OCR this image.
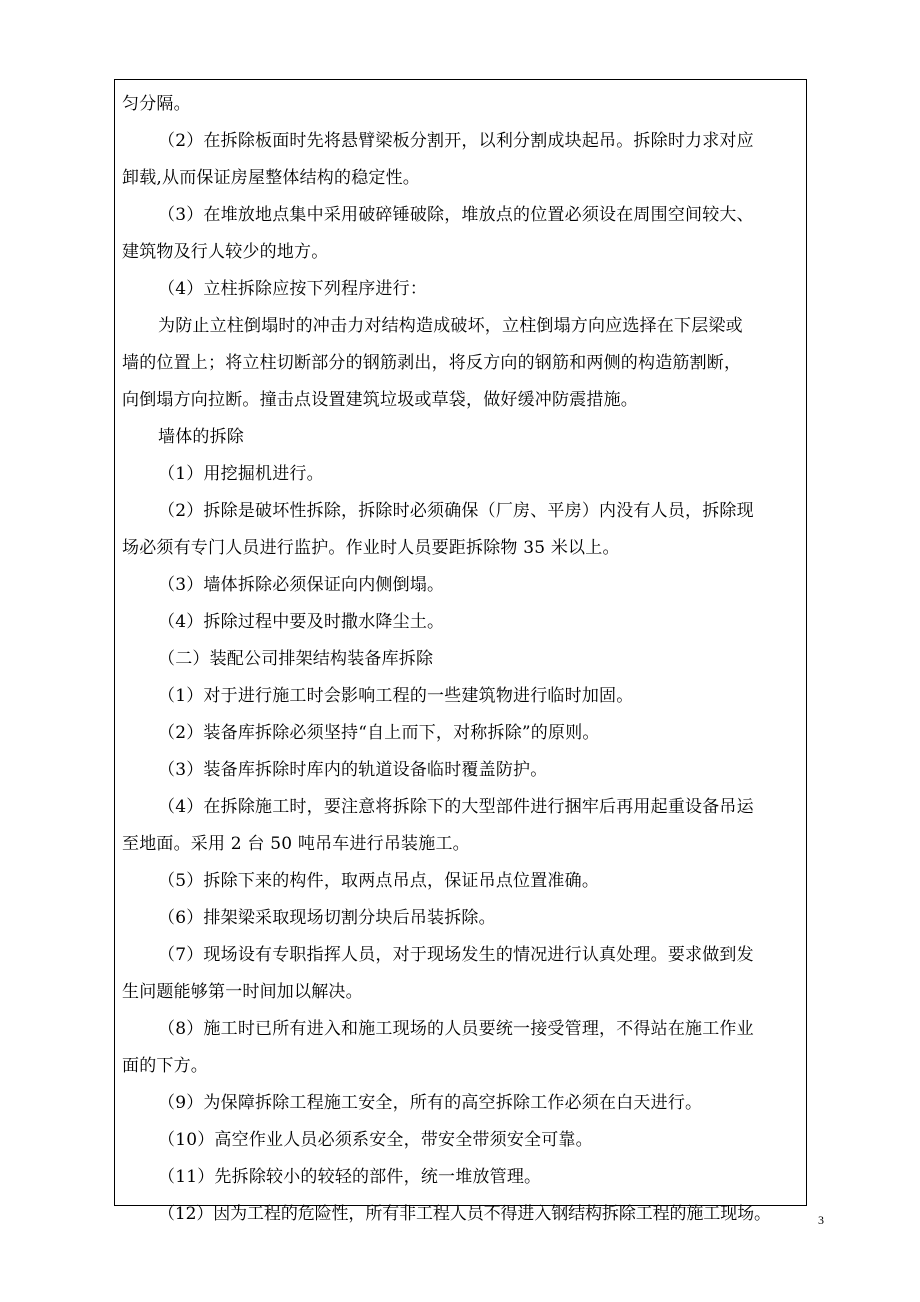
匀分隔。
（2）在拆除板面时先将悬臂梁板分割开，以利分割成块起吊。拆除时力求对应
卸载,从而保证房屋整体结构的稳定性。
（3）在堆放地点集中采用破碎锤破除，堆放点的位置必须设在周围空间较大、
建筑物及行人较少的地方。
（4）立柱拆除应按下列程序进行：
为防止立柱倒塌时的冲击力对结构造成破坏，立柱倒塌方向应选择在下层梁或
墙的位置上；将立柱切断部分的钢筋剥出，将反方向的钢筋和两侧的构造筋割断，
向倒塌方向拉断。撞击点设置建筑垃圾或草袋，做好缓冲防震措施。
墙体的拆除
（1）用挖掘机进行。
（2）拆除是破坏性拆除，拆除时必须确保（厂房、平房）内没有人员，拆除现
场必须有专门人员进行监护。作业时人员要距拆除物 35 米以上。
（3）墙体拆除必须保证向内侧倒塌。
（4）拆除过程中要及时撒水降尘土。
（二）装配公司排架结构装备库拆除
（1）对于进行施工时会影响工程的一些建筑物进行临时加固。
（2）装备库拆除必须坚持“自上而下，对称拆除”的原则。
（3）装备库拆除时库内的轨道设备临时覆盖防护。
（4）在拆除施工时，要注意将拆除下的大型部件进行捆牢后再用起重设备吊运
至地面。采用 2 台 50 吨吊车进行吊装施工。
（5）拆除下来的构件，取两点吊点，保证吊点位置准确。
（6）排架梁采取现场切割分块后吊装拆除。
（7）现场设有专职指挥人员，对于现场发生的情况进行认真处理。要求做到发
生问题能够第一时间加以解决。
（8）施工时已所有进入和施工现场的人员要统一接受管理，不得站在施工作业
面的下方。
（9）为保障拆除工程施工安全，所有的高空拆除工作必须在白天进行。
（10）高空作业人员必须系安全，带安全带须安全可靠。
（11）先拆除较小的较轻的部件，统一堆放管理。
（12）因为工程的危险性，所有非工程人员不得进入钢结构拆除工程的施工现场。	3
